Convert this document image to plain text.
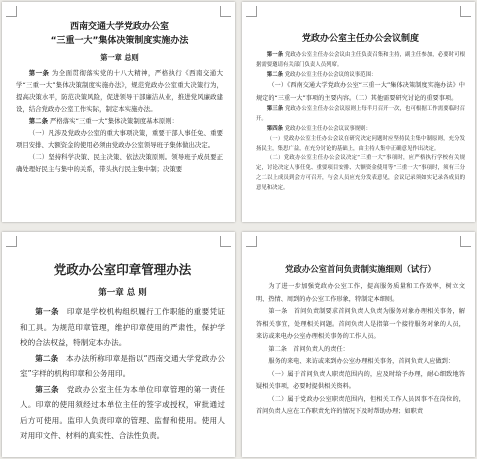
西南交通大学党政办公室
“三重一大”集体决策制度实施办法
第一章 总则

第一条 为全面贯彻落实党的十八大精神，严格执行《西南交通大学“三重一大”集体决策制度实施办法》，规范党政办公室重大决策行为，提高决策水平，防范决策风险，促进领导干部廉洁从业，推进党风廉政建设，结合党政办公室工作实际，制定本实施办法。

第二条 严格落实“三重一大”集体决策制度基本原则：

（一）凡涉及党政办公室的重大事项决策，重要干部人事任免、重要项目安排、大额资金的使用必须由党政办公室领导班子集体做出决定。

（二）坚持科学决策、民主决策、依法决策原则。领导班子成员要正确处理好民主与集中的关系，带头执行民主集中制；决策要

党政办公室主任办公会议制度

第一条 党政办公室主任办公会议由主任负责召集和主持，副主任参加，必要时可根据需要邀请有关部门负责人员列席。

第二条 党政办公室主任办公会议的议事范围：

（一）《西南交通大学党政办公室“三重一大”集体决策制度实施办法》中规定的“三重一大”事项的主要内容。（二）其他需要研究讨论的重要事项。

第三条 党政办公室主任办公会议原则上每半月召开一次，也可根据工作需要临时召开。

第四条 党政办公室主任办公会议议事规则：

（一）党政办公室主任办公会议在研究决定问题时应坚持民主集中制原则，充分发扬民主，集思广益，在充分讨论的基础上，由主持人集中正确意见作出决定。

（二）党政办公室主任办公会议决定“三重一大”事项时，应严格执行学校有关规定，讨论决定人事任免、重要项目安排、大额资金使用等“三重一大”事项时，须有三分之二以上成员到会方可召开，与会人员应充分发表意见，会议记录须如实记录各成员的意见和决定。

党政办公室印章管理办法
第一章 总 则

第一条　 印章是学校机构组织履行工作职能的重要凭证和工具。为规范印章管理，维护印章使用的严肃性，保护学校的合法权益，特制定本办法。

第二条　 本办法所称印章是指以“西南交通大学党政办公室”字样的机构印章和公务用印。

第三条　 党政办公室主任为本单位印章管理的第一责任人。印章的使用须经过本单位主任的签字或授权，审批通过后方可使用。监印人负责印章的管理、监督和使用。使用人对用印文件、材料的真实性、合法性负责。

党政办公室首问负责制实施细则（试行）

为了进一步加强党政办公室工作，提高服务质量和工作效率，树立文明、热情、周到的办公室工作形象，特制定本细则。

第一条　首问负责制要求首问负责人负责为服务对象办理相关事务，解答相关事宜，处理相关问题。首问负责人是指第一个接待服务对象的人员，来访或来电办公室办理相关事务的工作人员。

第二条　首问负责人的责任：

服务的来电、来访或来到办公室办理相关事务，首问负责人应做到：

（一）属于首问负责人职责范围内的，应及时给予办理，耐心细致地答疑相关事项，必要时提供相关资料。

（二）属于党政办公室职责范围内，但相关工作人员因事不在岗位的，首问负责人应在工作职责允许的情况下及时帮助办理；如职责
